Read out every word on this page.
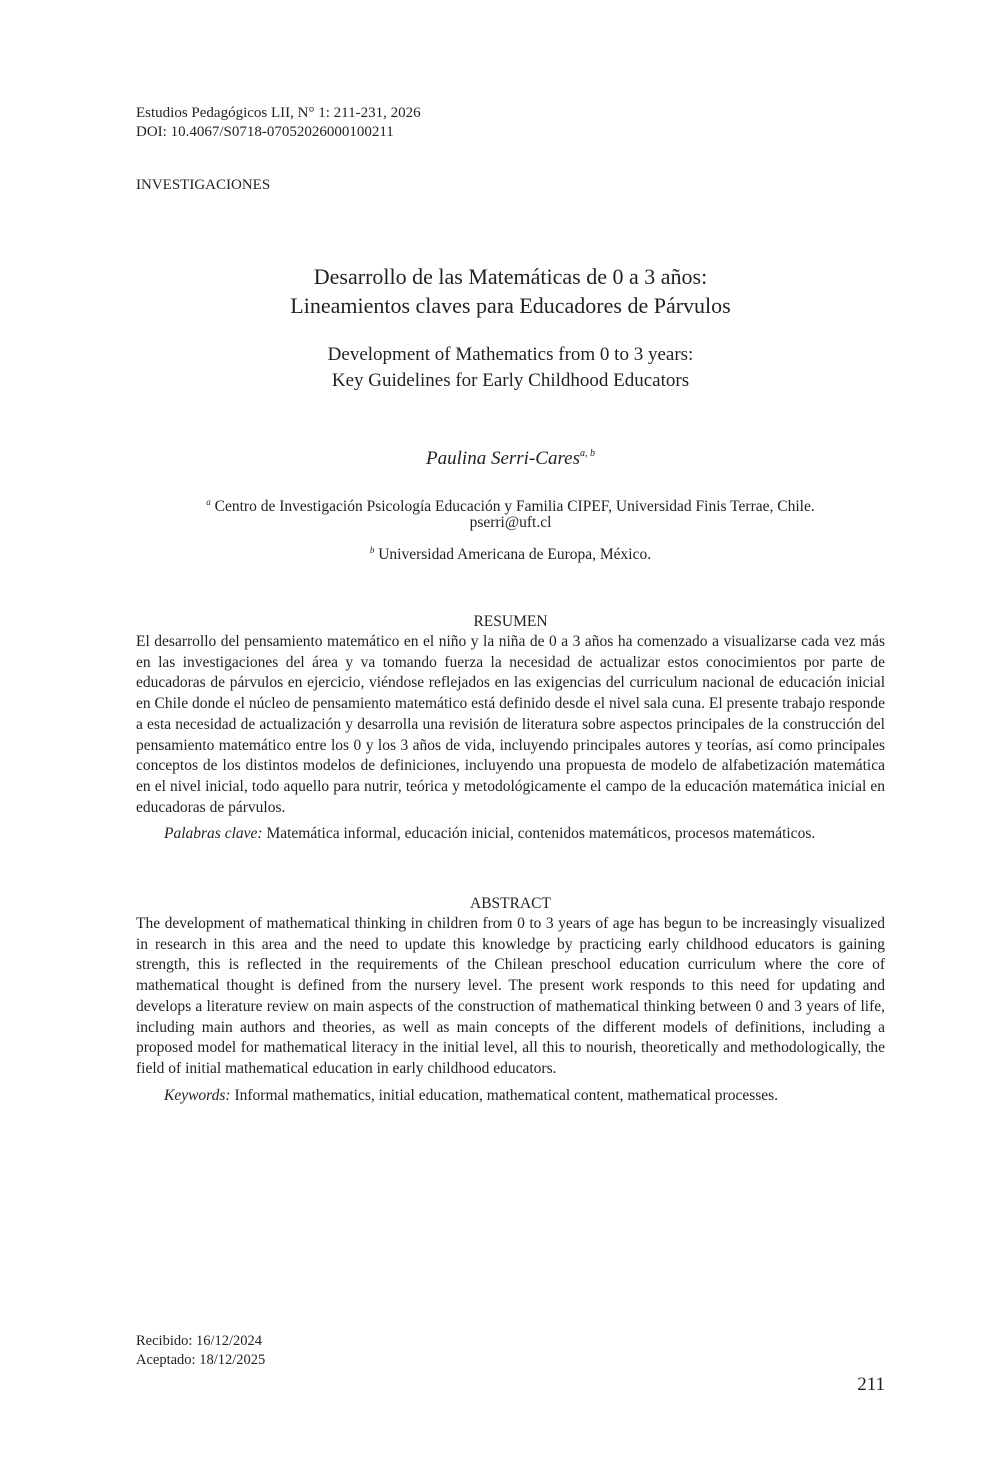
Estudios Pedagógicos LII, N° 1: 211-231, 2026
DOI: 10.4067/S0718-07052026000100211
INVESTIGACIONES
Desarrollo de las Matemáticas de 0 a 3 años:
Lineamientos claves para Educadores de Párvulos
Development of Mathematics from 0 to 3 years:
Key Guidelines for Early Childhood Educators
Paulina Serri-Cares$^{a, b}$
$^a$ Centro de Investigación Psicología Educación y Familia CIPEF, Universidad Finis Terrae, Chile.
pserri@uft.cl
$^b$ Universidad Americana de Europa, México.
RESUMEN
El desarrollo del pensamiento matemático en el niño y la niña de 0 a 3 años ha comenzado a visualizarse cada vez más en las investigaciones del área y va tomando fuerza la necesidad de actualizar estos conocimientos por parte de educadoras de párvulos en ejercicio, viéndose reflejados en las exigencias del curriculum nacional de educación inicial en Chile donde el núcleo de pensamiento matemático está definido desde el nivel sala cuna. El presente trabajo responde a esta necesidad de actualización y desarrolla una revisión de literatura sobre aspectos principales de la construcción del pensamiento matemático entre los 0 y los 3 años de vida, incluyendo principales autores y teorías, así como principales conceptos de los distintos modelos de definiciones, incluyendo una propuesta de modelo de alfabetización matemática en el nivel inicial, todo aquello para nutrir, teórica y metodológicamente el campo de la educación matemática inicial en educadoras de párvulos.
Palabras clave: Matemática informal, educación inicial, contenidos matemáticos, procesos matemáticos.
ABSTRACT
The development of mathematical thinking in children from 0 to 3 years of age has begun to be increasingly visualized in research in this area and the need to update this knowledge by practicing early childhood educators is gaining strength, this is reflected in the requirements of the Chilean preschool education curriculum where the core of mathematical thought is defined from the nursery level. The present work responds to this need for updating and develops a literature review on main aspects of the construction of mathematical thinking between 0 and 3 years of life, including main authors and theories, as well as main concepts of the different models of definitions, including a proposed model for mathematical literacy in the initial level, all this to nourish, theoretically and methodologically, the field of initial mathematical education in early childhood educators.
Keywords: Informal mathematics, initial education, mathematical content, mathematical processes.
Recibido: 16/12/2024
Aceptado: 18/12/2025
211
